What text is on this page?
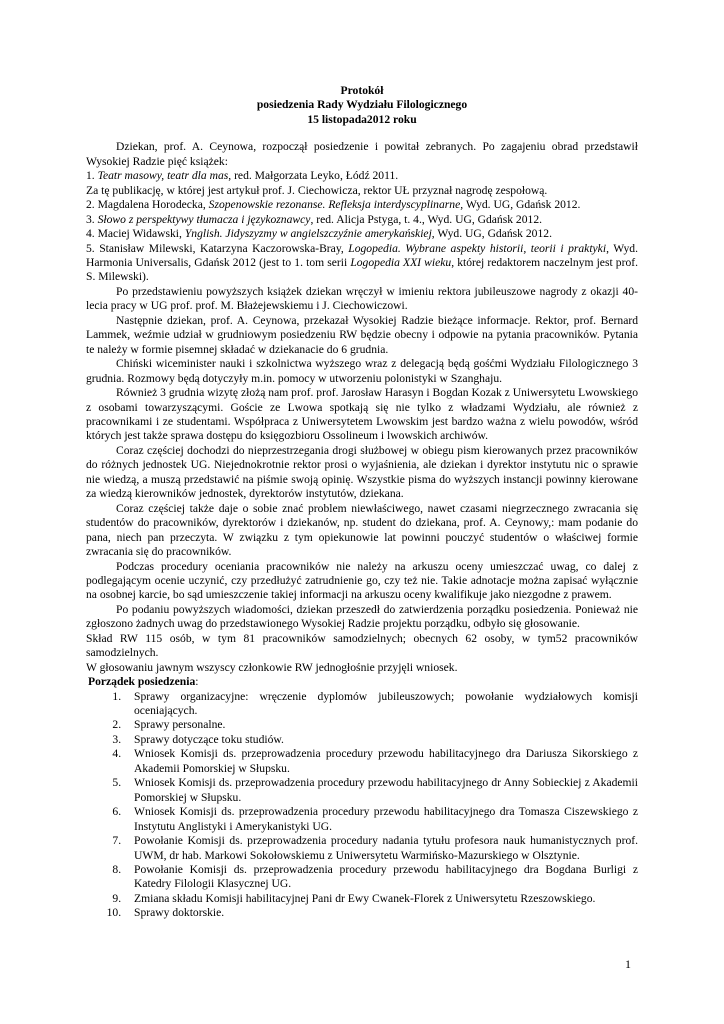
Protokół

posiedzenia Rady Wydziału Filologicznego

15 listopada2012 roku

Dziekan, prof. A. Ceynowa, rozpoczął posiedzenie i powitał zebranych. Po zagajeniu obrad przedstawił Wysokiej Radzie pięć książek:

1. Teatr masowy, teatr dla mas, red. Małgorzata Leyko, Łódź 2011.

Za tę publikację, w której jest artykuł prof. J. Ciechowicza, rektor UŁ przyznał nagrodę zespołową.

2. Magdalena Horodecka, Szopenowskie rezonanse. Refleksja interdyscyplinarne, Wyd. UG, Gdańsk 2012.

3. Słowo z perspektywy tłumacza i językoznawcy, red. Alicja Pstyga, t. 4., Wyd. UG, Gdańsk 2012.

4. Maciej Widawski, Ynglish. Jidyszyzmy w angielszczyźnie amerykańskiej, Wyd. UG, Gdańsk 2012.

5. Stanisław Milewski, Katarzyna Kaczorowska-Bray, Logopedia. Wybrane aspekty historii, teorii i praktyki, Wyd. Harmonia Universalis, Gdańsk 2012 (jest to 1. tom serii Logopedia XXI wieku, której redaktorem naczelnym jest prof. S. Milewski).

Po przedstawieniu powyższych książek dziekan wręczył w imieniu rektora jubileuszowe nagrody z okazji 40-lecia pracy w UG prof. prof. M. Błażejewskiemu i J. Ciechowiczowi.

Następnie dziekan, prof. A. Ceynowa, przekazał Wysokiej Radzie bieżące informacje. Rektor, prof. Bernard Lammek, weźmie udział w grudniowym posiedzeniu RW będzie obecny i odpowie na pytania pracowników. Pytania te należy w formie pisemnej składać w dziekanacie do 6 grudnia.

Chiński wiceminister nauki i szkolnictwa wyższego wraz z delegacją będą gośćmi Wydziału Filologicznego 3 grudnia. Rozmowy będą dotyczyły m.in. pomocy w utworzeniu polonistyki w Szanghaju.

Również 3 grudnia wizytę złożą nam prof. prof. Jarosław Harasyn i Bogdan Kozak z Uniwersytetu Lwowskiego z osobami towarzyszącymi. Goście ze Lwowa spotkają się nie tylko z władzami Wydziału, ale również z pracownikami i ze studentami. Współpraca z Uniwersytetem Lwowskim jest bardzo ważna z wielu powodów, wśród których jest także sprawa dostępu do księgozbioru Ossolineum i lwowskich archiwów.

Coraz częściej dochodzi do nieprzestrzegania drogi służbowej w obiegu pism kierowanych przez pracowników do różnych jednostek UG. Niejednokrotnie rektor prosi o wyjaśnienia, ale dziekan i dyrektor instytutu nic o sprawie nie wiedzą, a muszą przedstawić na piśmie swoją opinię. Wszystkie pisma do wyższych instancji powinny kierowane za wiedzą kierowników jednostek, dyrektorów instytutów, dziekana.

Coraz częściej także daje o sobie znać problem niewłaściwego, nawet czasami niegrzecznego zwracania się studentów do pracowników, dyrektorów i dziekanów, np. student do dziekana, prof. A. Ceynowy,: mam podanie do pana, niech pan przeczyta. W związku z tym opiekunowie lat powinni pouczyć studentów o właściwej formie zwracania się do pracowników.

Podczas procedury oceniania pracowników nie należy na arkuszu oceny umieszczać uwag, co dalej z podlegającym ocenie uczynić, czy przedłużyć zatrudnienie go, czy też nie. Takie adnotacje można zapisać wyłącznie na osobnej karcie, bo sąd umieszczenie takiej informacji na arkuszu oceny kwalifikuje jako niezgodne z prawem.

Po podaniu powyższych wiadomości, dziekan przeszedł do zatwierdzenia porządku posiedzenia. Ponieważ nie zgłoszono żadnych uwag do przedstawionego Wysokiej Radzie projektu porządku, odbyło się głosowanie.

Skład RW 115 osób, w tym 81 pracowników samodzielnych; obecnych 62 osoby, w tym52 pracowników samodzielnych.

W głosowaniu jawnym wszyscy członkowie RW jednogłośnie przyjęli wniosek.

Porządek posiedzenia:

1. Sprawy organizacyjne: wręczenie dyplomów jubileuszowych; powołanie wydziałowych komisji oceniających.
2. Sprawy personalne.
3. Sprawy dotyczące toku studiów.
4. Wniosek Komisji ds. przeprowadzenia procedury przewodu habilitacyjnego dra Dariusza Sikorskiego z Akademii Pomorskiej w Słupsku.
5. Wniosek Komisji ds. przeprowadzenia procedury przewodu habilitacyjnego dr Anny Sobieckiej z Akademii Pomorskiej w Słupsku.
6. Wniosek Komisji ds. przeprowadzenia procedury przewodu habilitacyjnego dra Tomasza Ciszewskiego z Instytutu Anglistyki i Amerykanistyki UG.
7. Powołanie Komisji ds. przeprowadzenia procedury nadania tytułu profesora nauk humanistycznych prof. UWM, dr hab. Markowi Sokołowskiemu z Uniwersytetu Warmińsko-Mazurskiego w Olsztynie.
8. Powołanie Komisji ds. przeprowadzenia procedury przewodu habilitacyjnego dra Bogdana Burligi z Katedry Filologii Klasycznej UG.
9. Zmiana składu Komisji habilitacyjnej Pani dr Ewy Cwanek-Florek z Uniwersytetu Rzeszowskiego.
10. Sprawy doktorskie.
1
